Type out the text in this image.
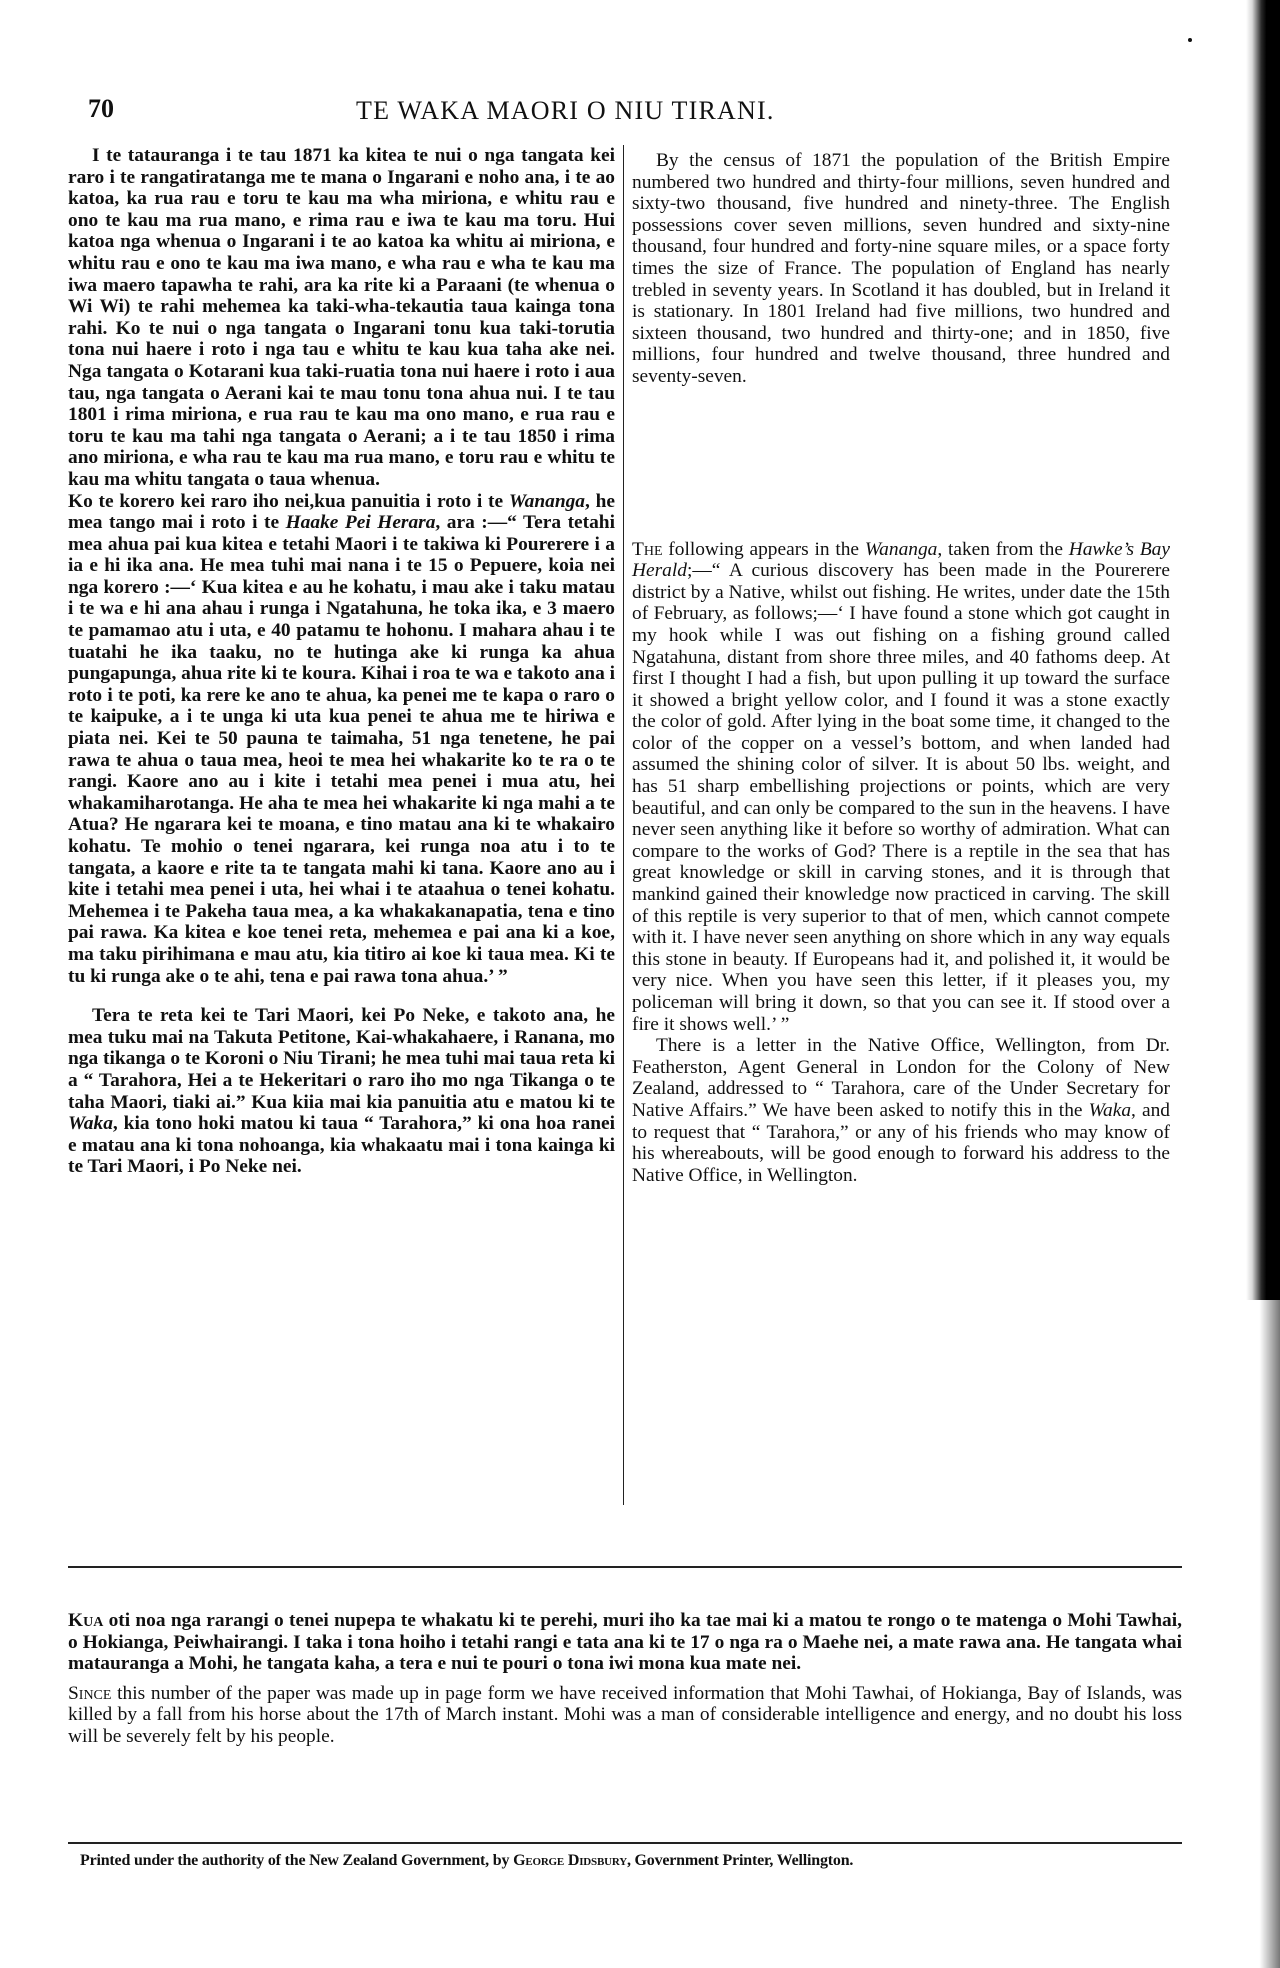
70	TE WAKA MAORI O NIU TIRANI.

I te tatauranga i te tau 1871 ka kitea te nui o nga tangata kei raro i te rangatiratanga me te mana o Ingarani e noho ana, i te ao katoa, ka rua rau e toru te kau ma wha miriona, e whitu rau e ono te kau ma rua mano, e rima rau e iwa te kau ma toru. Hui katoa nga whenua o Ingarani i te ao katoa ka whitu ai miriona, e whitu rau e ono te kau ma iwa mano, e wha rau e wha te kau ma iwa maero tapawha te rahi, ara ka rite ki a Paraani (te whenua o Wi Wi) te rahi mehemea ka taki-wha-tekautia taua kainga tona rahi. Ko te nui o nga tangata o Ingarani tonu kua taki-torutia tona nui haere i roto i nga tau e whitu te kau kua taha ake nei. Nga tangata o Kotarani kua taki-ruatia tona nui haere i roto i aua tau, nga tangata o Aerani kai te mau tonu tona ahua nui. I te tau 1801 i rima miriona, e rua rau te kau ma ono mano, e rua rau e toru te kau ma tahi nga tangata o Aerani; a i te tau 1850 i rima ano miriona, e wha rau te kau ma rua mano, e toru rau e whitu te kau ma whitu tangata o taua whenua.

Ko te korero kei raro iho nei,kua panuitia i roto i te Wananga, he mea tango mai i roto i te Haake Pei Herara, ara :—“ Tera tetahi mea ahua pai kua kitea e tetahi Maori i te takiwa ki Pourerere i a ia e hi ika ana. He mea tuhi mai nana i te 15 o Pepuere, koia nei nga korero :—‘ Kua kitea e au he kohatu, i mau ake i taku matau i te wa e hi ana ahau i runga i Ngatahuna, he toka ika, e 3 maero te pamamao atu i uta, e 40 patamu te hohonu. I mahara ahau i te tuatahi he ika taaku, no te hutinga ake ki runga ka ahua pungapunga, ahua rite ki te koura. Kihai i roa te wa e takoto ana i roto i te poti, ka rere ke ano te ahua, ka penei me te kapa o raro o te kaipuke, a i te unga ki uta kua penei te ahua me te hiriwa e piata nei. Kei te 50 pauna te taimaha, 51 nga tenetene, he pai rawa te ahua o taua mea, heoi te mea hei whakarite ko te ra o te rangi. Kaore ano au i kite i tetahi mea penei i mua atu, hei whakamiharotanga. He aha te mea hei whakarite ki nga mahi a te Atua? He ngarara kei te moana, e tino matau ana ki te whakairo kohatu. Te mohio o tenei ngarara, kei runga noa atu i to te tangata, a kaore e rite ta te tangata mahi ki tana. Kaore ano au i kite i tetahi mea penei i uta, hei whai i te ataahua o tenei kohatu. Mehemea i te Pakeha taua mea, a ka whakakanapatia, tena e tino pai rawa. Ka kitea e koe tenei reta, mehemea e pai ana ki a koe, ma taku pirihimana e mau atu, kia titiro ai koe ki taua mea. Ki te tu ki runga ake o te ahi, tena e pai rawa tona ahua.’ ”

Tera te reta kei te Tari Maori, kei Po Neke, e takoto ana, he mea tuku mai na Takuta Petitone, Kai-whakahaere, i Ranana, mo nga tikanga o te Koroni o Niu Tirani; he mea tuhi mai taua reta ki a “ Tarahora, Hei a te Hekeritari o raro iho mo nga Tikanga o te taha Maori, tiaki ai.” Kua kiia mai kia panuitia atu e matou ki te Waka, kia tono hoki matou ki taua “ Tarahora,” ki ona hoa ranei e matau ana ki tona nohoanga, kia whakaatu mai i tona kainga ki te Tari Maori, i Po Neke nei.

By the census of 1871 the population of the British Empire numbered two hundred and thirty-four millions, seven hundred and sixty-two thousand, five hundred and ninety-three. The English possessions cover seven millions, seven hundred and sixty-nine thousand, four hundred and forty-nine square miles, or a space forty times the size of France. The population of England has nearly trebled in seventy years. In Scotland it has doubled, but in Ireland it is stationary. In 1801 Ireland had five millions, two hundred and sixteen thousand, two hundred and thirty-one; and in 1850, five millions, four hundred and twelve thousand, three hundred and seventy-seven.

The following appears in the Wananga, taken from the Hawke’s Bay Herald;—“ A curious discovery has been made in the Pourerere district by a Native, whilst out fishing. He writes, under date the 15th of February, as follows;—‘ I have found a stone which got caught in my hook while I was out fishing on a fishing ground called Ngatahuna, distant from shore three miles, and 40 fathoms deep. At first I thought I had a fish, but upon pulling it up toward the surface it showed a bright yellow color, and I found it was a stone exactly the color of gold. After lying in the boat some time, it changed to the color of the copper on a vessel’s bottom, and when landed had assumed the shining color of silver. It is about 50 lbs. weight, and has 51 sharp embellishing projections or points, which are very beautiful, and can only be compared to the sun in the heavens. I have never seen anything like it before so worthy of admiration. What can compare to the works of God? There is a reptile in the sea that has great knowledge or skill in carving stones, and it is through that mankind gained their knowledge now practiced in carving. The skill of this reptile is very superior to that of men, which cannot compete with it. I have never seen anything on shore which in any way equals this stone in beauty. If Europeans had it, and polished it, it would be very nice. When you have seen this letter, if it pleases you, my policeman will bring it down, so that you can see it. If stood over a fire it shows well.’ ”

There is a letter in the Native Office, Wellington, from Dr. Featherston, Agent General in London for the Colony of New Zealand, addressed to “ Tarahora, care of the Under Secretary for Native Affairs.” We have been asked to notify this in the Waka, and to request that “ Tarahora,” or any of his friends who may know of his whereabouts, will be good enough to forward his address to the Native Office, in Wellington.

Kua oti noa nga rarangi o tenei nupepa te whakatu ki te perehi, muri iho ka tae mai ki a matou te rongo o te matenga o Mohi Tawhai, o Hokianga, Peiwhairangi. I taka i tona hoiho i tetahi rangi e tata ana ki te 17 o nga ra o Maehe nei, a mate rawa ana. He tangata whai matauranga a Mohi, he tangata kaha, a tera e nui te pouri o tona iwi mona kua mate nei.

Since this number of the paper was made up in page form we have received information that Mohi Tawhai, of Hokianga, Bay of Islands, was killed by a fall from his horse about the 17th of March instant. Mohi was a man of considerable intelligence and energy, and no doubt his loss will be severely felt by his people.

Printed under the authority of the New Zealand Government, by George Didsbury, Government Printer, Wellington.
